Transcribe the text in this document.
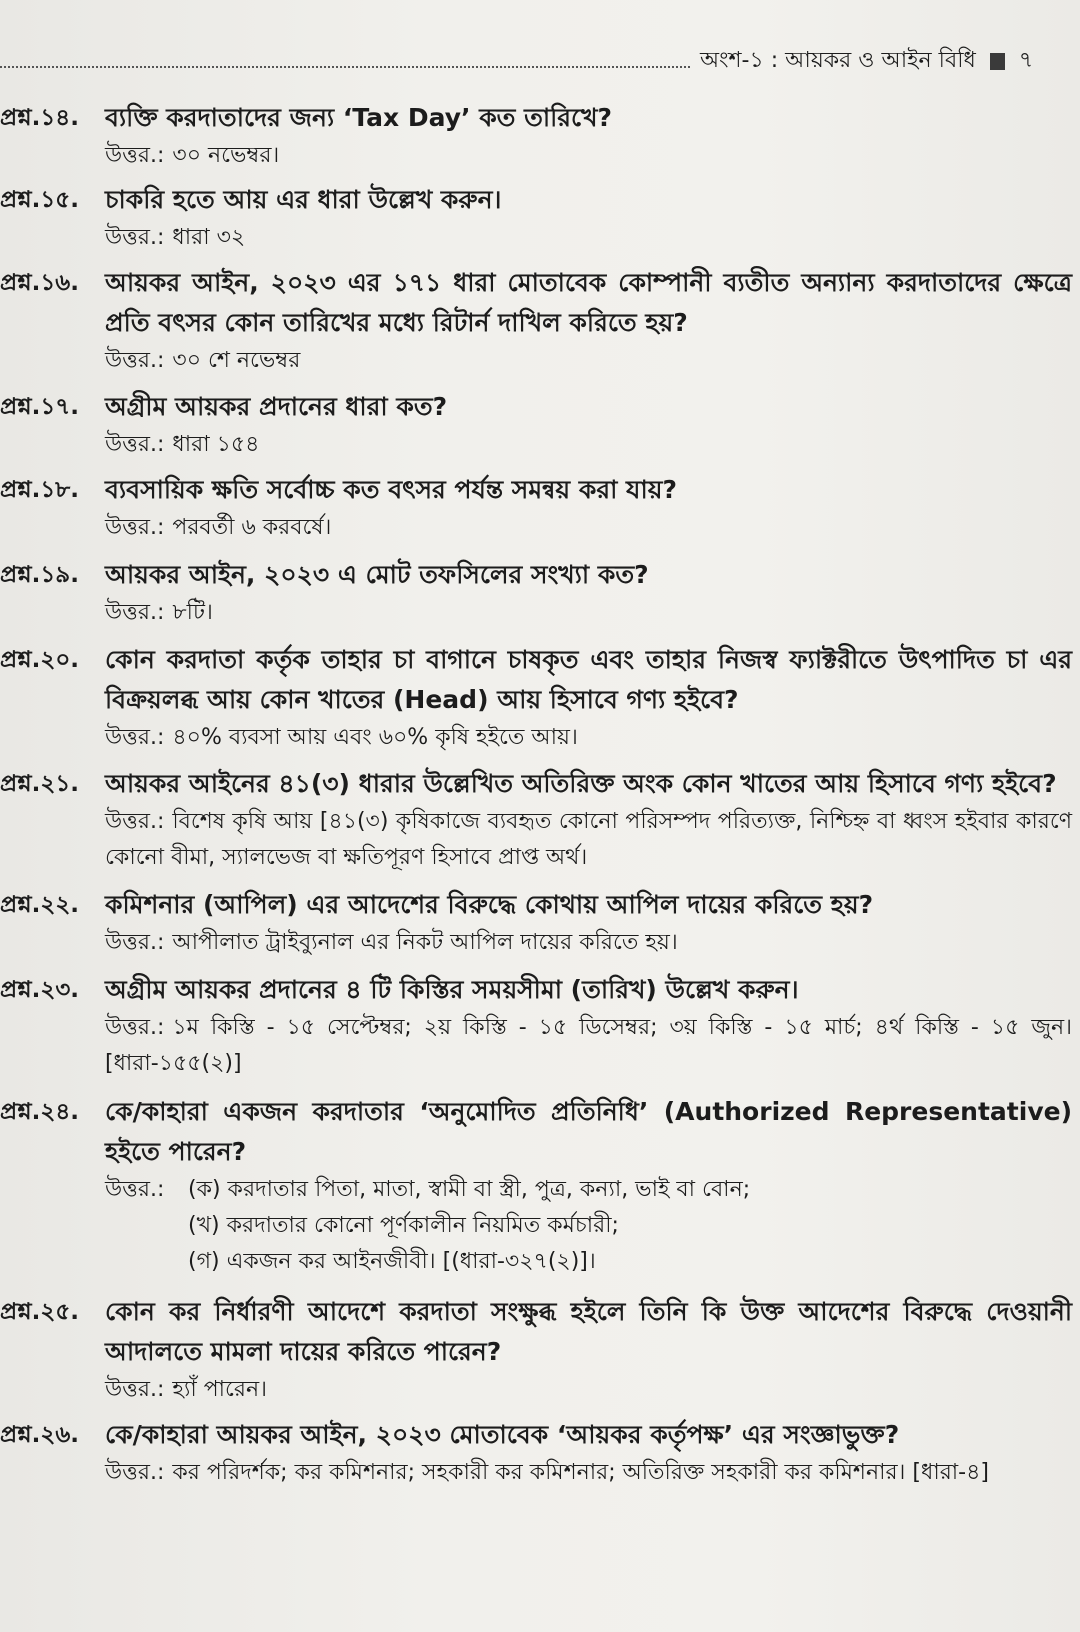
অংশ-১ : আয়কর ও আইন বিধি ৭
প্রশ্ন.১৪.	ব্যক্তি করদাতাদের জন্য ‘Tax Day’ কত তারিখে?

উত্তর.: ৩০ নভেম্বর।

প্রশ্ন.১৫.	চাকরি হতে আয় এর ধারা উল্লেখ করুন।

উত্তর.: ধারা ৩২

প্রশ্ন.১৬.	আয়কর আইন, ২০২৩ এর ১৭১ ধারা মোতাবেক কোম্পানী ব্যতীত অন্যান্য করদাতাদের ক্ষেত্রে প্রতি বৎসর কোন তারিখের মধ্যে রিটার্ন দাখিল করিতে হয়?

উত্তর.: ৩০ শে নভেম্বর

প্রশ্ন.১৭.	অগ্রীম আয়কর প্রদানের ধারা কত?

উত্তর.: ধারা ১৫৪

প্রশ্ন.১৮.	ব্যবসায়িক ক্ষতি সর্বোচ্চ কত বৎসর পর্যন্ত সমন্বয় করা যায়?

উত্তর.: পরবর্তী ৬ করবর্ষে।

প্রশ্ন.১৯.	আয়কর আইন, ২০২৩ এ মোট তফসিলের সংখ্যা কত?

উত্তর.: ৮টি।

প্রশ্ন.২০.	কোন করদাতা কর্তৃক তাহার চা বাগানে চাষকৃত এবং তাহার নিজস্ব ফ্যাক্টরীতে উৎপাদিত চা এর বিক্রয়লব্ধ আয় কোন খাতের (Head) আয় হিসাবে গণ্য হইবে?

উত্তর.: ৪০% ব্যবসা আয় এবং ৬০% কৃষি হইতে আয়।

প্রশ্ন.২১.	আয়কর আইনের ৪১(৩) ধারার উল্লেখিত অতিরিক্ত অংক কোন খাতের আয় হিসাবে গণ্য হইবে?

উত্তর.: বিশেষ কৃষি আয় [৪১(৩) কৃষিকাজে ব্যবহৃত কোনো পরিসম্পদ পরিত্যক্ত, নিশ্চিহ্ন বা ধ্বংস হইবার কারণে কোনো বীমা, স্যালভেজ বা ক্ষতিপূরণ হিসাবে প্রাপ্ত অর্থ।

প্রশ্ন.২২.	কমিশনার (আপিল) এর আদেশের বিরুদ্ধে কোথায় আপিল দায়ের করিতে হয়?

উত্তর.: আপীলাত ট্রাইব্যুনাল এর নিকট আপিল দায়ের করিতে হয়।

প্রশ্ন.২৩.	অগ্রীম আয়কর প্রদানের ৪ টি কিস্তির সময়সীমা (তারিখ) উল্লেখ করুন।

উত্তর.: ১ম কিস্তি - ১৫ সেপ্টেম্বর; ২য় কিস্তি - ১৫ ডিসেম্বর; ৩য় কিস্তি - ১৫ মার্চ; ৪র্থ কিস্তি - ১৫ জুন। [ধারা-১৫৫(২)]

প্রশ্ন.২৪.	কে/কাহারা একজন করদাতার ‘অনুমোদিত প্রতিনিধি’ (Authorized Representative) হইতে পারেন?
উত্তর.:	(ক) করদাতার পিতা, মাতা, স্বামী বা স্ত্রী, পুত্র, কন্যা, ভাই বা বোন;
(খ) করদাতার কোনো পূর্ণকালীন নিয়মিত কর্মচারী;
(গ) একজন কর আইনজীবী। [(ধারা-৩২৭(২)]।
প্রশ্ন.২৫.	কোন কর নির্ধারণী আদেশে করদাতা সংক্ষুব্ধ হইলে তিনি কি উক্ত আদেশের বিরুদ্ধে দেওয়ানী আদালতে মামলা দায়ের করিতে পারেন?

উত্তর.: হ্যাঁ পারেন।

প্রশ্ন.২৬.	কে/কাহারা আয়কর আইন, ২০২৩ মোতাবেক ‘আয়কর কর্তৃপক্ষ’ এর সংজ্ঞাভুক্ত?

উত্তর.: কর পরিদর্শক; কর কমিশনার; সহকারী কর কমিশনার; অতিরিক্ত সহকারী কর কমিশনার। [ধারা-৪]
